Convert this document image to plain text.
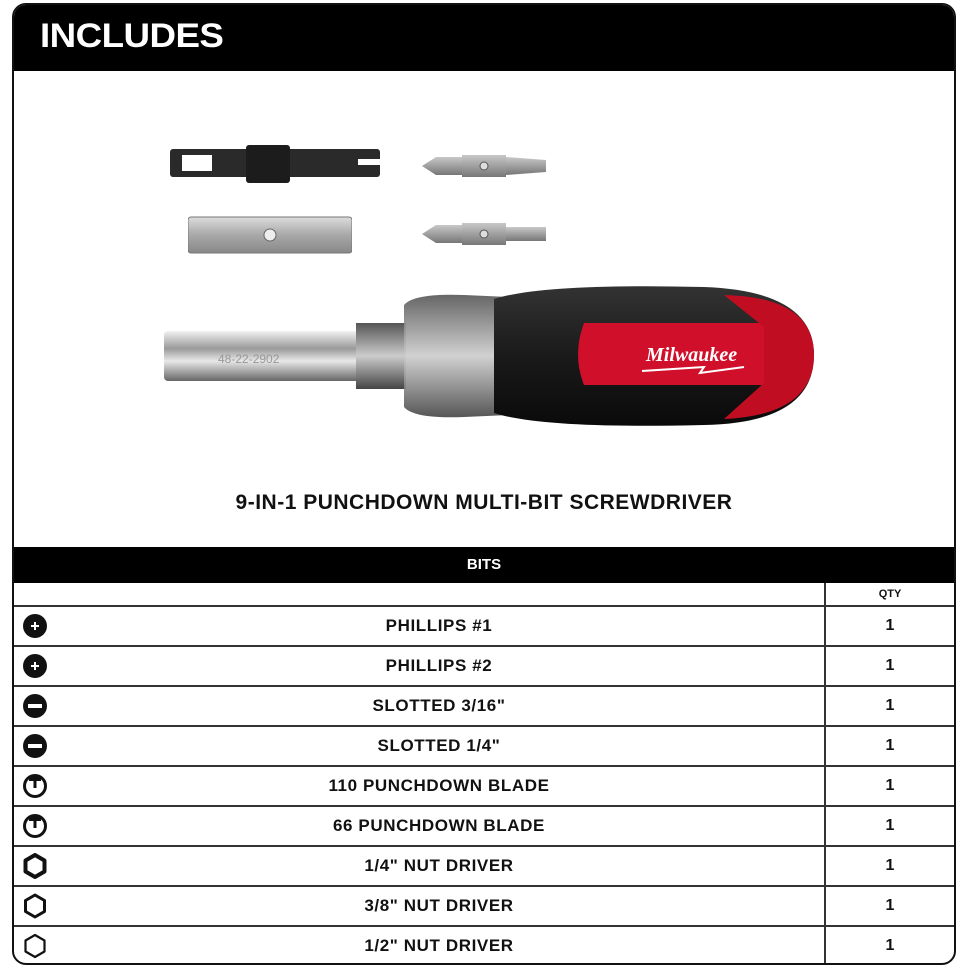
INCLUDES
48-22-2902	Milwaukee
9-IN-1 PUNCHDOWN MULTI-BIT SCREWDRIVER
BITS
QTY
PHILLIPS #1	1
PHILLIPS #2	1
SLOTTED 3/16"	1
SLOTTED 1/4"	1
110 PUNCHDOWN BLADE	1
66 PUNCHDOWN BLADE	1
1/4" NUT DRIVER	1
3/8" NUT DRIVER	1
1/2" NUT DRIVER	1
